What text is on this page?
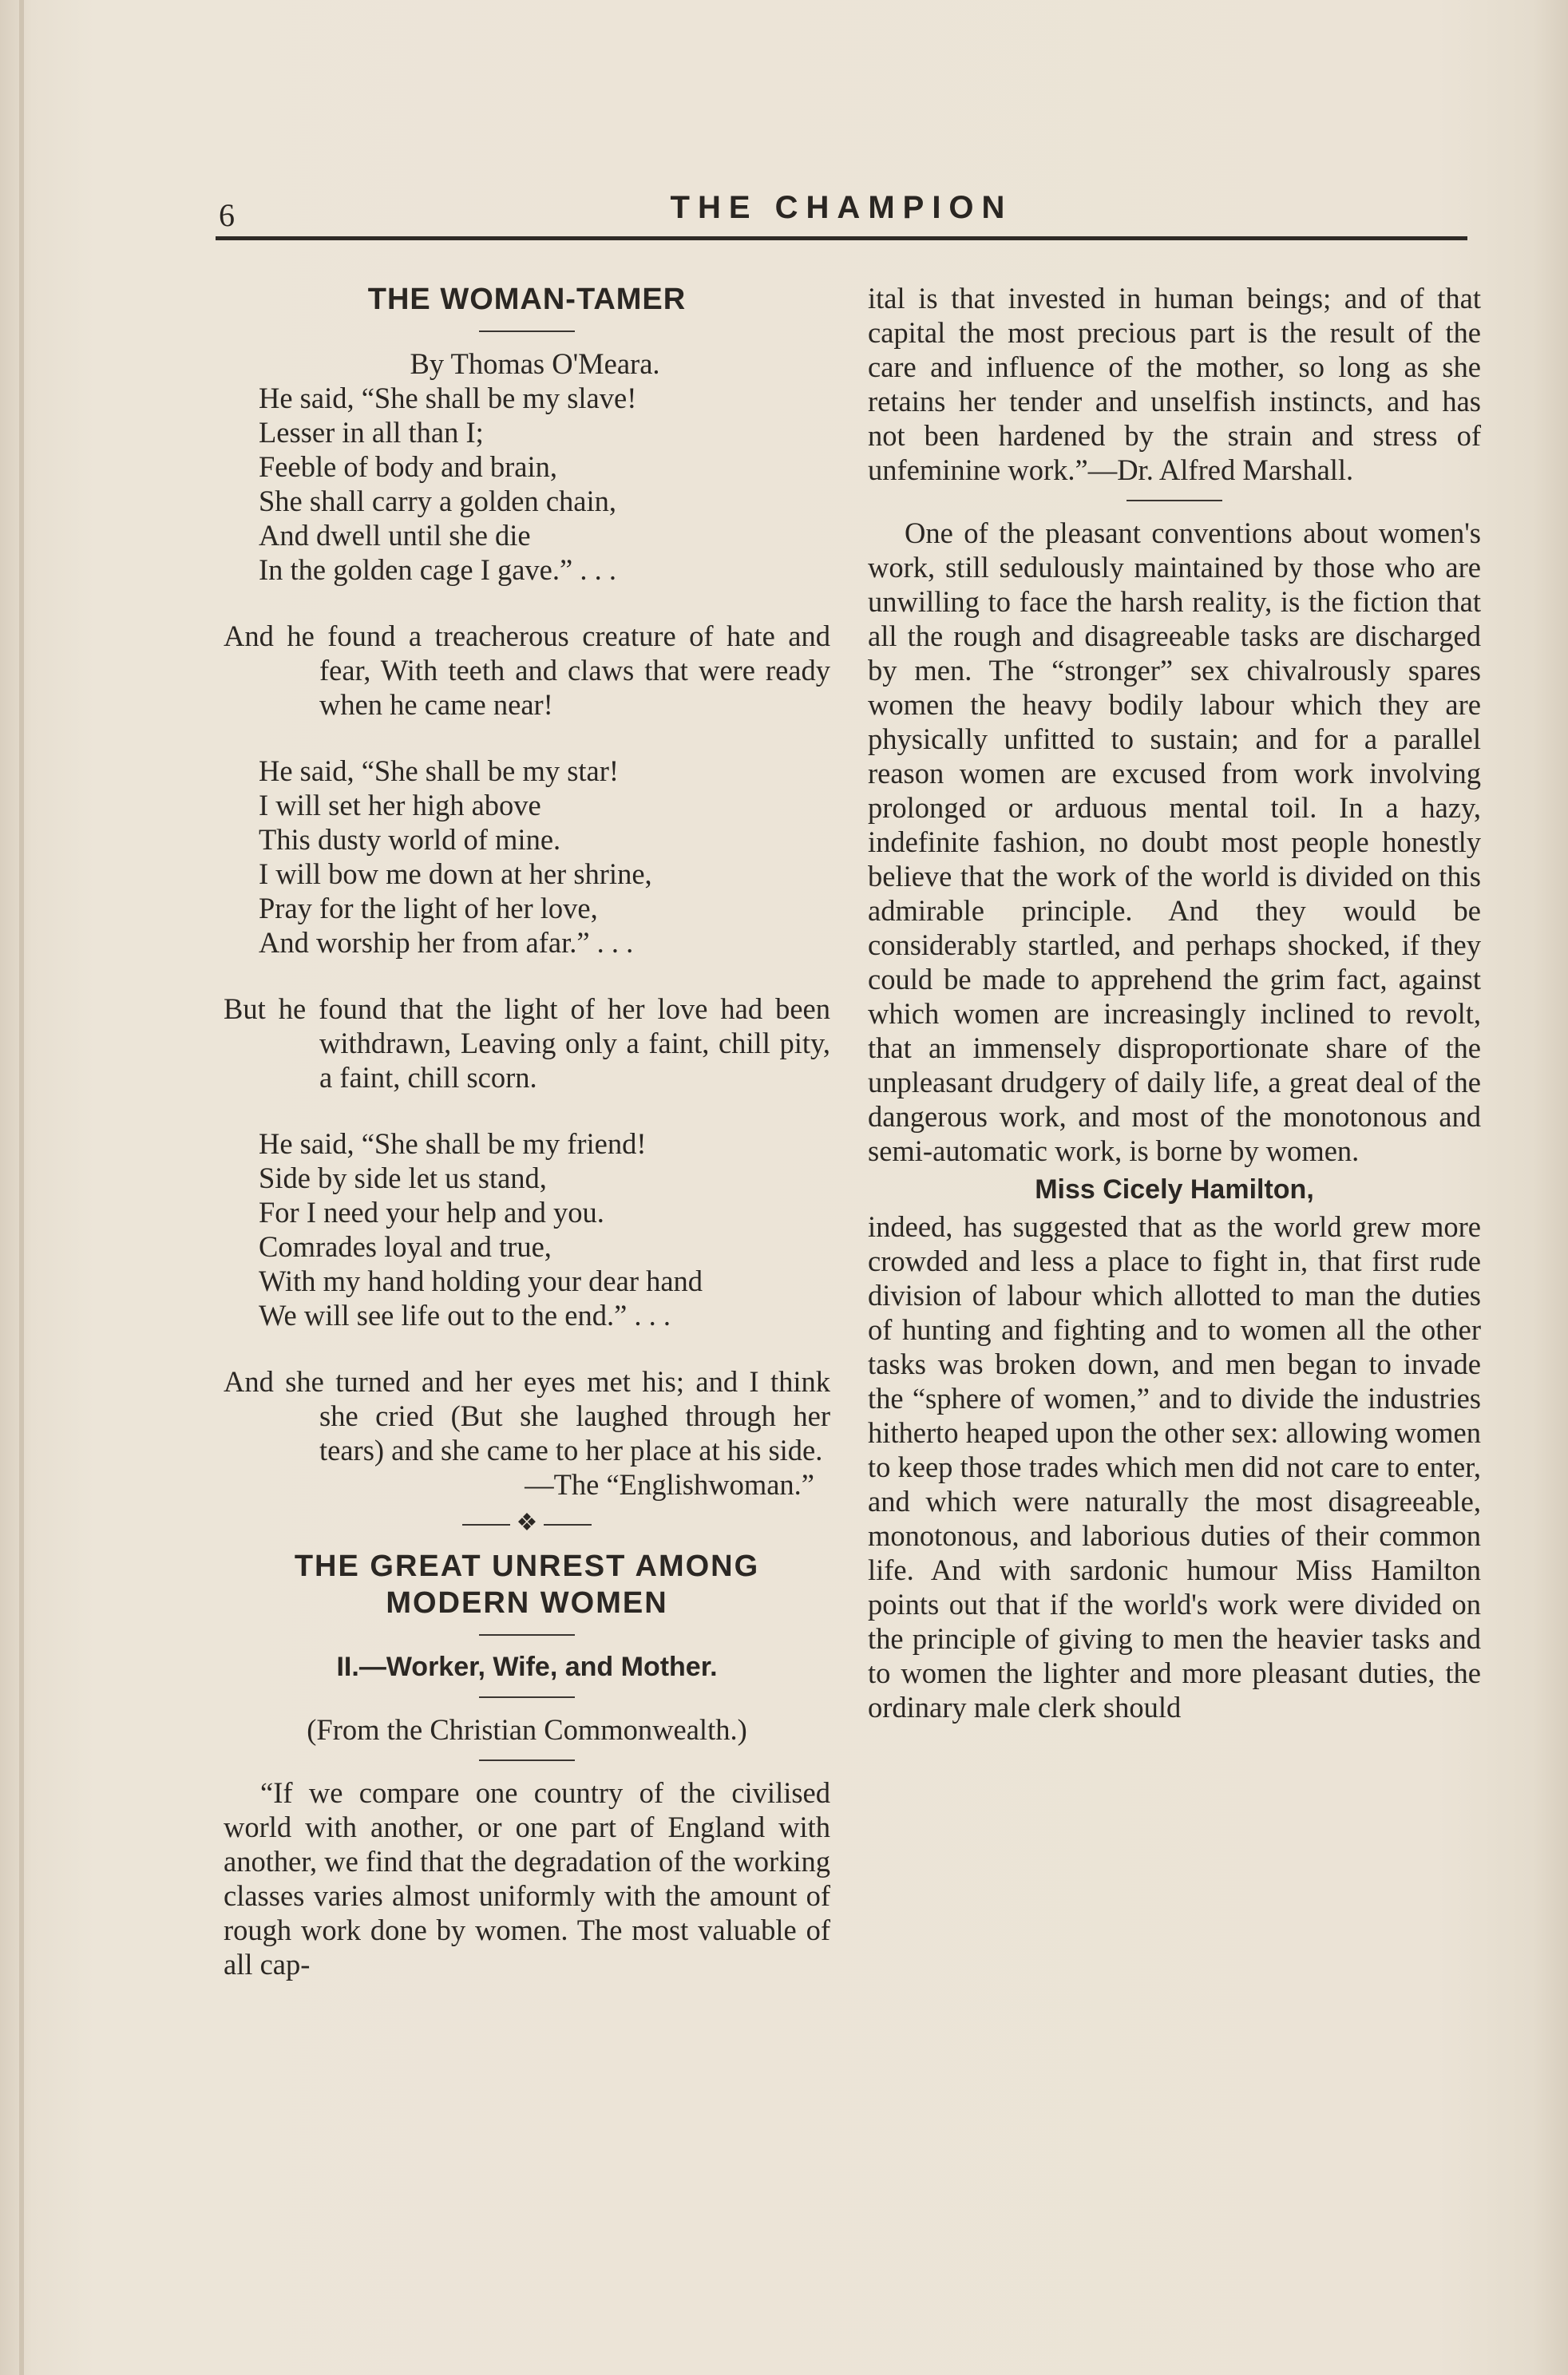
6	THE CHAMPION
THE WOMAN-TAMER

By Thomas O'Meara.

He said, “She shall be my slave!
Lesser in all than I;
Feeble of body and brain,
She shall carry a golden chain,
And dwell until she die
In the golden cage I gave.” . . .

And he found a treacherous creature of hate and fear, With teeth and claws that were ready when he came near!

He said, “She shall be my star!
I will set her high above
This dusty world of mine.
I will bow me down at her shrine,
Pray for the light of her love,
And worship her from afar.” . . .

But he found that the light of her love had been withdrawn, Leaving only a faint, chill pity, a faint, chill scorn.

He said, “She shall be my friend!
Side by side let us stand,
For I need your help and you.
Comrades loyal and true,
With my hand holding your dear hand
We will see life out to the end.” . . .

And she turned and her eyes met his; and I think she cried (But she laughed through her tears) and she came to her place at his side.

—The “Englishwoman.”

❖
THE GREAT UNREST AMONG MODERN WOMEN
II.—Worker, Wife, and Mother.

(From the Christian Commonwealth.)

“If we compare one country of the civilised world with another, or one part of England with another, we find that the degradation of the working classes varies almost uniformly with the amount of rough work done by women. The most valuable of all cap-

ital is that invested in human beings; and of that capital the most precious part is the result of the care and influence of the mother, so long as she retains her tender and unselfish instincts, and has not been hardened by the strain and stress of unfeminine work.”—Dr. Alfred Marshall.

One of the pleasant conventions about women's work, still sedulously maintained by those who are unwilling to face the harsh reality, is the fiction that all the rough and disagreeable tasks are discharged by men. The “stronger” sex chivalrously spares women the heavy bodily labour which they are physically unfitted to sustain; and for a parallel reason women are excused from work involving prolonged or arduous mental toil. In a hazy, indefinite fashion, no doubt most people honestly believe that the work of the world is divided on this admirable principle. And they would be considerably startled, and perhaps shocked, if they could be made to apprehend the grim fact, against which women are increasingly inclined to revolt, that an immensely disproportionate share of the unpleasant drudgery of daily life, a great deal of the dangerous work, and most of the monotonous and semi-automatic work, is borne by women.

Miss Cicely Hamilton,

indeed, has suggested that as the world grew more crowded and less a place to fight in, that first rude division of labour which allotted to man the duties of hunting and fighting and to women all the other tasks was broken down, and men began to invade the “sphere of women,” and to divide the industries hitherto heaped upon the other sex: allowing women to keep those trades which men did not care to enter, and which were naturally the most disagreeable, monotonous, and laborious duties of their common life. And with sardonic humour Miss Hamilton points out that if the world's work were divided on the principle of giving to men the heavier tasks and to women the lighter and more pleasant duties, the ordinary male clerk should
